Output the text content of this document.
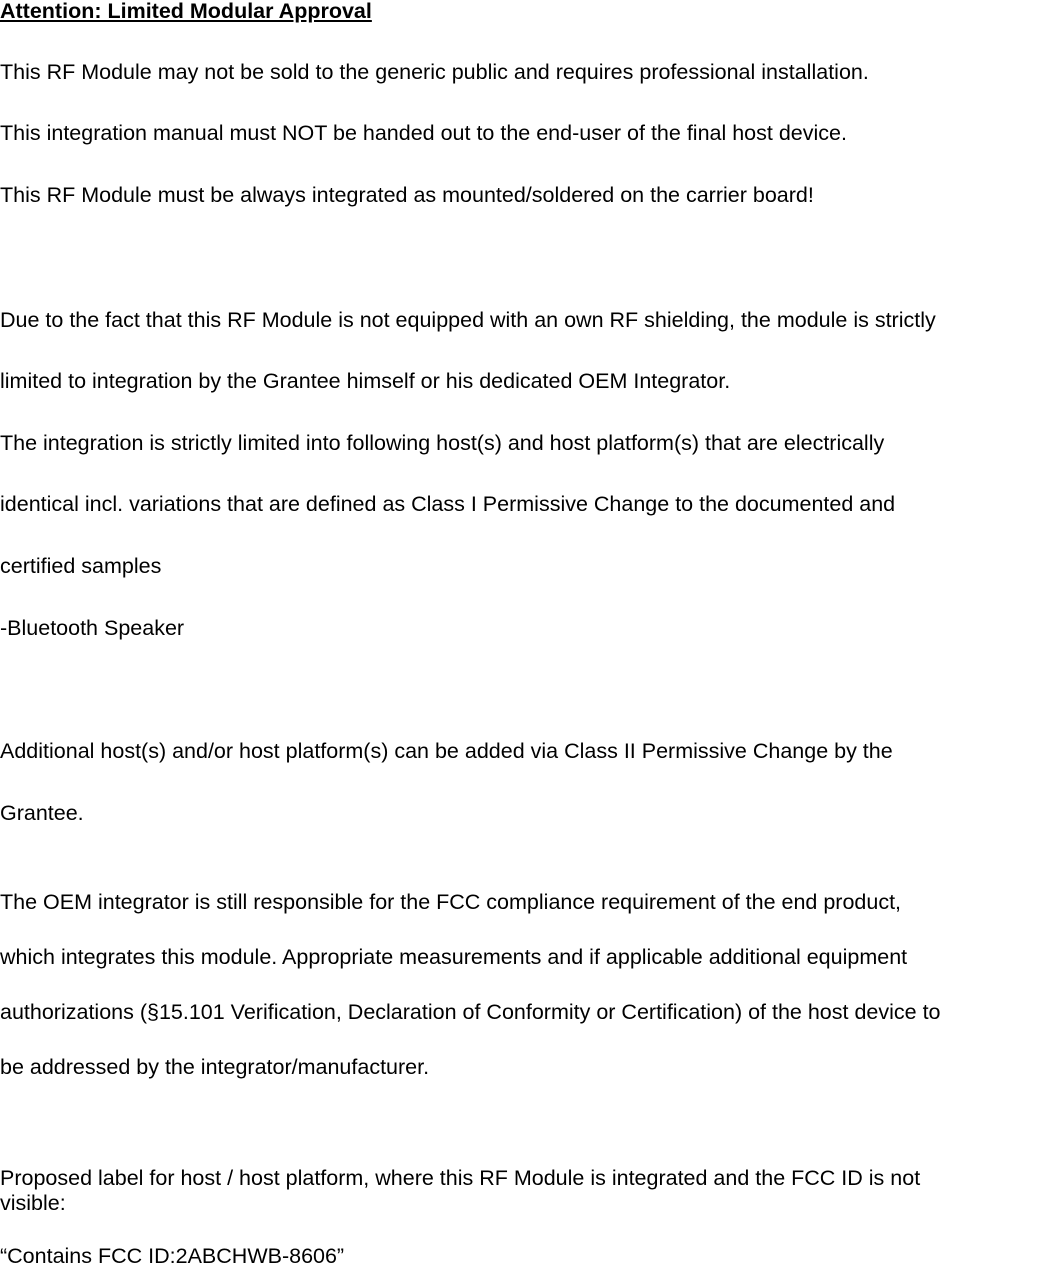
Attention: Limited Modular Approval
This RF Module may not be sold to the generic public and requires professional installation.
This integration manual must NOT be handed out to the end-user of the final host device.
This RF Module must be always integrated as mounted/soldered on the carrier board!
Due to the fact that this RF Module is not equipped with an own RF shielding, the module is strictly
limited to integration by the Grantee himself or his dedicated OEM Integrator.
The integration is strictly limited into following host(s) and host platform(s) that are electrically
identical incl. variations that are defined as Class I Permissive Change to the documented and
certified samples
-Bluetooth Speaker
Additional host(s) and/or host platform(s) can be added via Class II Permissive Change by the
Grantee.
The OEM integrator is still responsible for the FCC compliance requirement of the end product,
which integrates this module. Appropriate measurements and if applicable additional equipment
authorizations (§15.101 Verification, Declaration of Conformity or Certification) of the host device to
be addressed by the integrator/manufacturer.
Proposed label for host / host platform, where this RF Module is integrated and the FCC ID is not
visible:
“Contains FCC ID:2ABCHWB-8606”
